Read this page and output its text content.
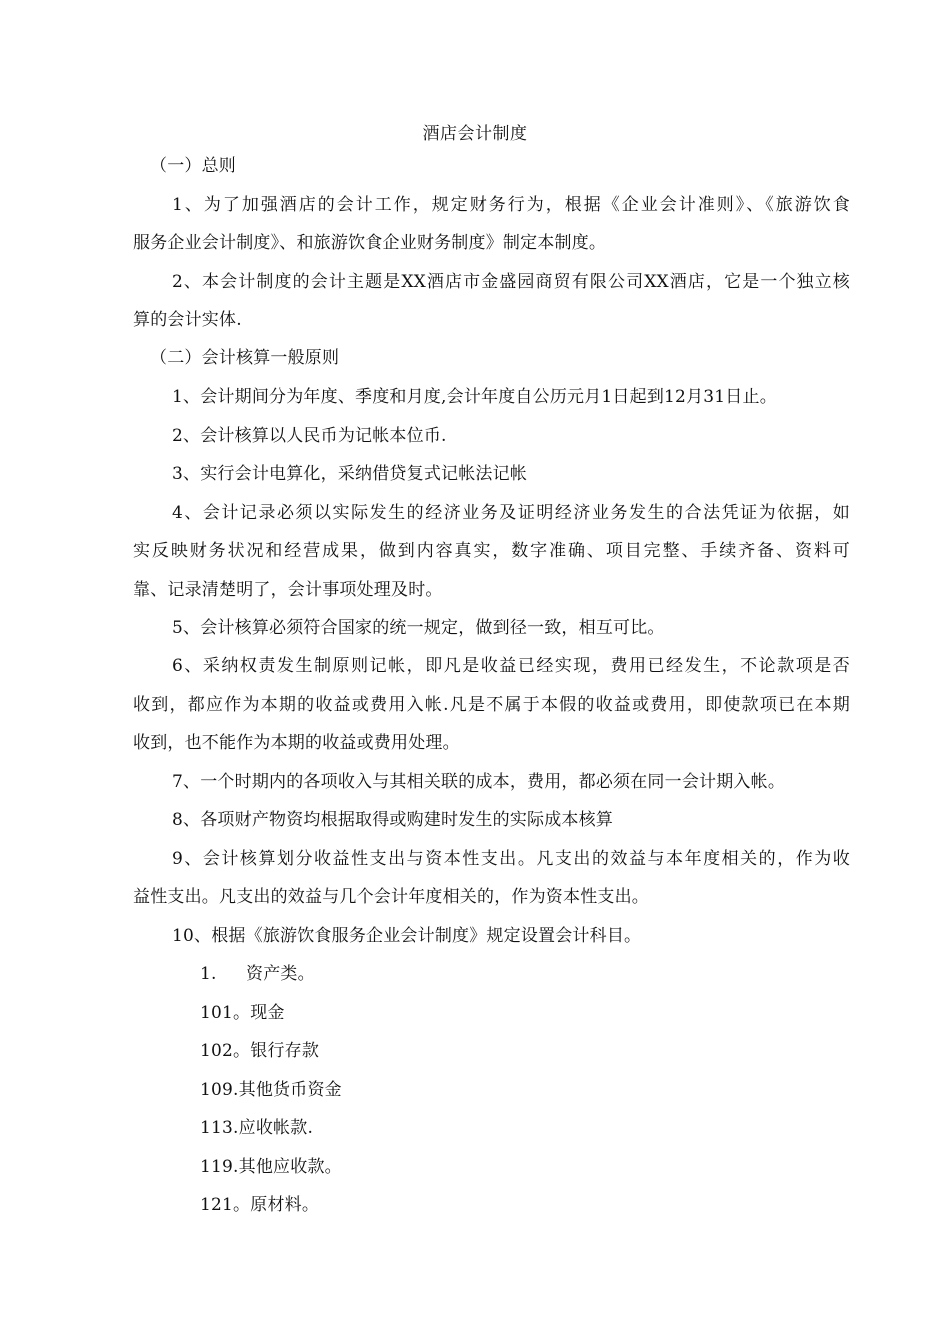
酒店会计制度
（一）总则
1、为了加强酒店的会计工作，规定财务行为，根据《企业会计准则》、《旅游饮食
服务企业会计制度》、和旅游饮食企业财务制度》制定本制度。
2、本会计制度的会计主题是XX酒店市金盛园商贸有限公司XX酒店，它是一个独立核
算的会计实体.
（二）会计核算一般原则
1、会计期间分为年度、季度和月度,会计年度自公历元月1日起到12月31日止。
2、会计核算以人民币为记帐本位币.
3、实行会计电算化，采纳借贷复式记帐法记帐
4、会计记录必须以实际发生的经济业务及证明经济业务发生的合法凭证为依据，如
实反映财务状况和经营成果，做到内容真实，数字准确、项目完整、手续齐备、资料可
靠、记录清楚明了，会计事项处理及时。
5、会计核算必须符合国家的统一规定，做到径一致，相互可比。
6、采纳权责发生制原则记帐，即凡是收益已经实现，费用已经发生，不论款项是否
收到，都应作为本期的收益或费用入帐.凡是不属于本假的收益或费用，即使款项已在本期
收到，也不能作为本期的收益或费用处理。
7、一个时期内的各项收入与其相关联的成本，费用，都必须在同一会计期入帐。
8、各项财产物资均根据取得或购建时发生的实际成本核算
9、会计核算划分收益性支出与资本性支出。凡支出的效益与本年度相关的，作为收
益性支出。凡支出的效益与几个会计年度相关的，作为资本性支出。
10、根据《旅游饮食服务企业会计制度》规定设置会计科目。
1. 资产类。
101。现金
102。银行存款
109.其他货币资金
113.应收帐款.
119.其他应收款。
121。原材料。
